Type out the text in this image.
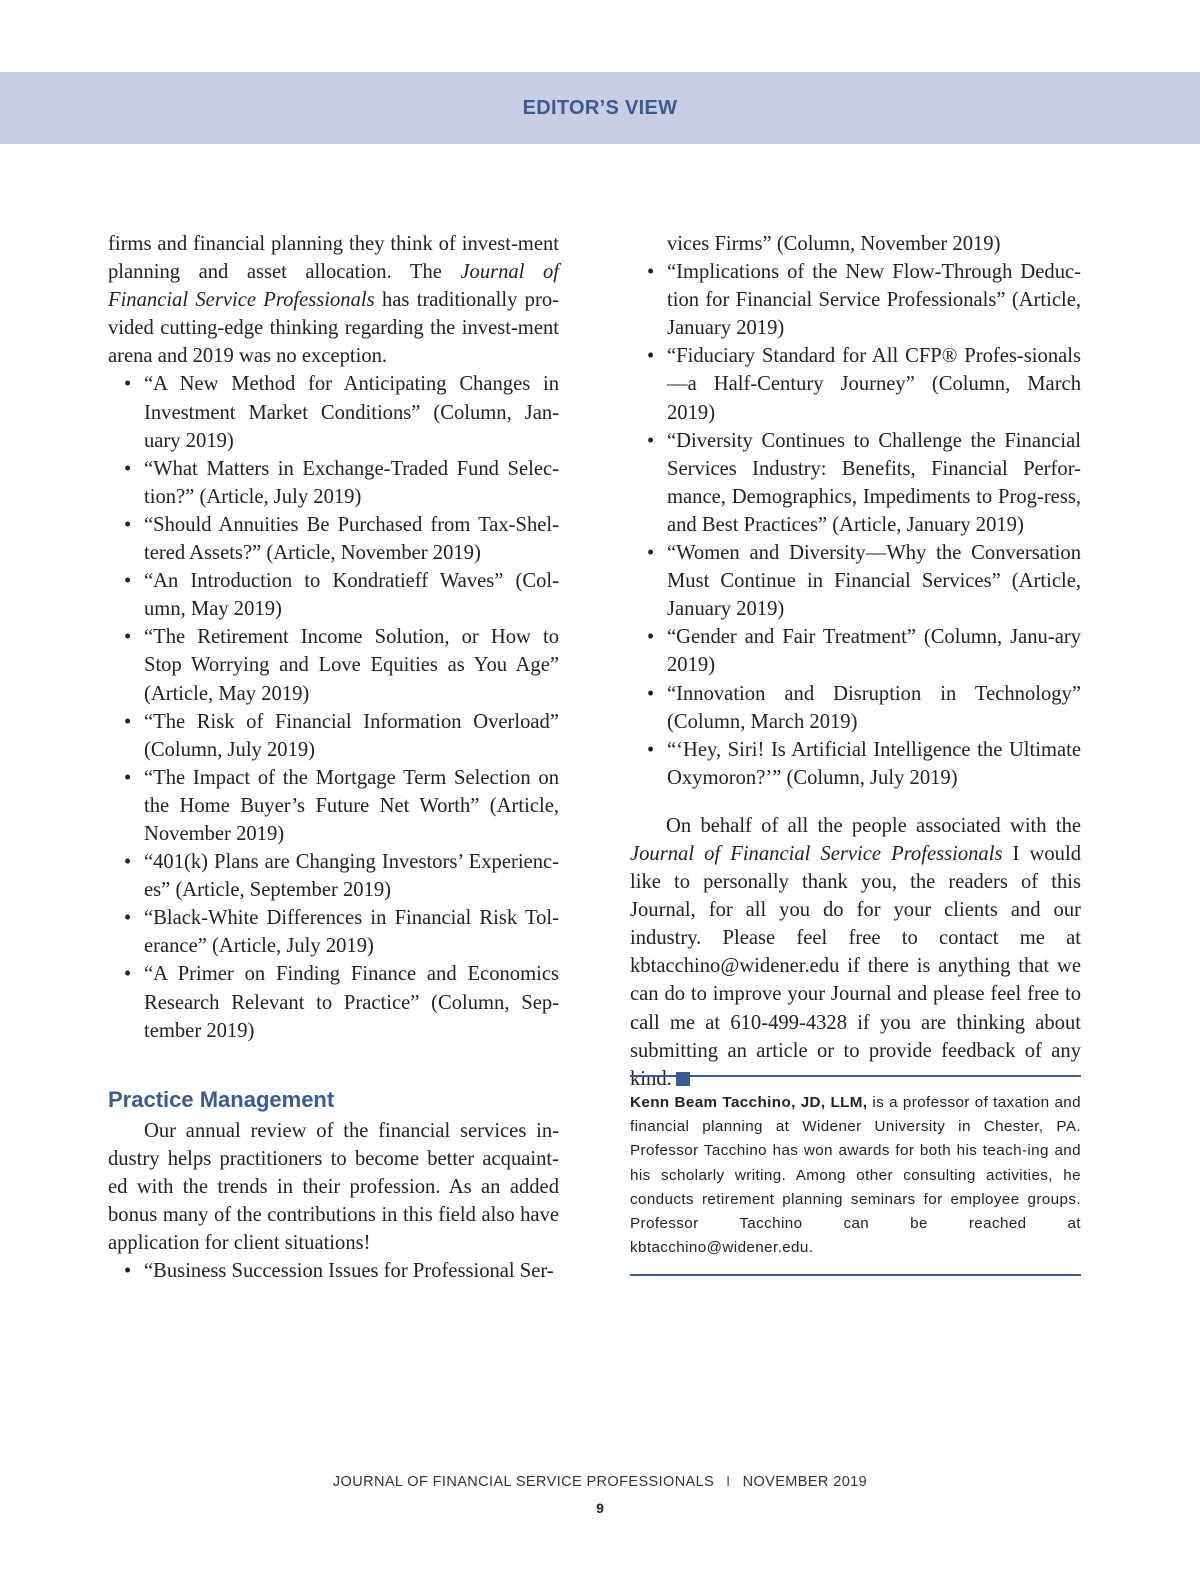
EDITOR’S VIEW

firms and financial planning they think of invest-ment planning and asset allocation. The Journal of Financial Service Professionals has traditionally pro-vided cutting-edge thinking regarding the invest-ment arena and 2019 was no exception.

• “A New Method for Anticipating Changes in Investment Market Conditions” (Column, Jan-uary 2019)
• “What Matters in Exchange-Traded Fund Selec-tion?” (Article, July 2019)
• “Should Annuities Be Purchased from Tax-Shel-tered Assets?” (Article, November 2019)
• “An Introduction to Kondratieff Waves” (Col-umn, May 2019)
• “The Retirement Income Solution, or How to Stop Worrying and Love Equities as You Age” (Article, May 2019)
• “The Risk of Financial Information Overload” (Column, July 2019)
• “The Impact of the Mortgage Term Selection on the Home Buyer’s Future Net Worth” (Article, November 2019)
• “401(k) Plans are Changing Investors’ Experienc-es” (Article, September 2019)
• “Black-White Differences in Financial Risk Tol-erance” (Article, July 2019)
• “A Primer on Finding Finance and Economics Research Relevant to Practice” (Column, Sep-tember 2019)
Practice Management

Our annual review of the financial services in-dustry helps practitioners to become better acquaint-ed with the trends in their profession. As an added bonus many of the contributions in this field also have application for client situations!

• “Business Succession Issues for Professional Ser-

vices Firms” (Column, November 2019)

• “Implications of the New Flow-Through Deduc-tion for Financial Service Professionals” (Article, January 2019)
• “Fiduciary Standard for All CFP® Profes-sionals—a Half-Century Journey” (Column, March 2019)
• “Diversity Continues to Challenge the Financial Services Industry: Benefits, Financial Perfor-mance, Demographics, Impediments to Prog-ress, and Best Practices” (Article, January 2019)
• “Women and Diversity—Why the Conversation Must Continue in Financial Services” (Article, January 2019)
• “Gender and Fair Treatment” (Column, Janu-ary 2019)
• “Innovation and Disruption in Technology” (Column, March 2019)
• “‘Hey, Siri! Is Artificial Intelligence the Ultimate Oxymoron?’” (Column, July 2019)

On behalf of all the people associated with the Journal of Financial Service Professionals I would like to personally thank you, the readers of this Journal, for all you do for your clients and our industry. Please feel free to contact me at kbtacchino@widener.edu if there is anything that we can do to improve your Journal and please feel free to call me at 610-499-4328 if you are thinking about submitting an article or to provide feedback of any kind.

Kenn Beam Tacchino, JD, LLM, is a professor of taxation and financial planning at Widener University in Chester, PA. Professor Tacchino has won awards for both his teach-ing and his scholarly writing. Among other consulting activities, he conducts retirement planning seminars for employee groups. Professor Tacchino can be reached at kbtacchino@widener.edu.
JOURNAL OF FINANCIAL SERVICE PROFESSIONALS I NOVEMBER 2019
9
